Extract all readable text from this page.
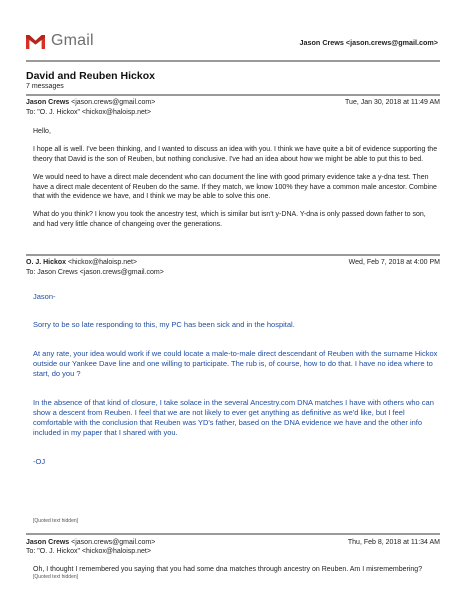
Gmail	Jason Crews <jason.crews@gmail.com>
David and Reuben Hickox
7 messages
Jason Crews <jason.crews@gmail.com>	Tue, Jan 30, 2018 at 11:49 AM
To: "O. J. Hickox" <hickox@haloisp.net>

Hello,

I hope all is well. I've been thinking, and I wanted to discuss an idea with you. I think we have quite a bit of evidence supporting the theory that David is the son of Reuben, but nothing conclusive. I've had an idea about how we might be able to put this to bed.

We would need to have a direct male decendent who can document the line with good primary evidence take a y-dna test. Then have a direct male decentent of Reuben do the same. If they match, we know 100% they have a common male ancestor. Combine that with the evidence we have, and I think we may be able to solve this one.

What do you think? I know you took the ancestry test, which is similar but isn't y-DNA. Y-dna is only passed down father to son, and had very little chance of changeing over the generations.

O. J. Hickox <hickox@haloisp.net>	Wed, Feb 7, 2018 at 4:00 PM
To: Jason Crews <jason.crews@gmail.com>

Jason-

Sorry to be so late responding to this, my PC has been sick and in the hospital.

At any rate, your idea would work if we could locate a male-to-male direct descendant of Reuben with the surname Hickox outside our Yankee Dave line and one willing to participate. The rub is, of course, how to do that. I have no idea where to start, do you ?

In the absence of that kind of closure, I take solace in the several Ancestry.com DNA matches I have with others who can show a descent from Reuben. I feel that we are not likely to ever get anything as definitive as we'd like, but I feel comfortable with the conclusion that Reuben was YD's father, based on the DNA evidence we have and the other info included in my paper that I shared with you.

-OJ

[Quoted text hidden]
Jason Crews <jason.crews@gmail.com>	Thu, Feb 8, 2018 at 11:34 AM
To: "O. J. Hickox" <hickox@haloisp.net>

Oh, I thought I remembered you saying that you had some dna matches through ancestry on Reuben. Am I misremembering?

[Quoted text hidden]
